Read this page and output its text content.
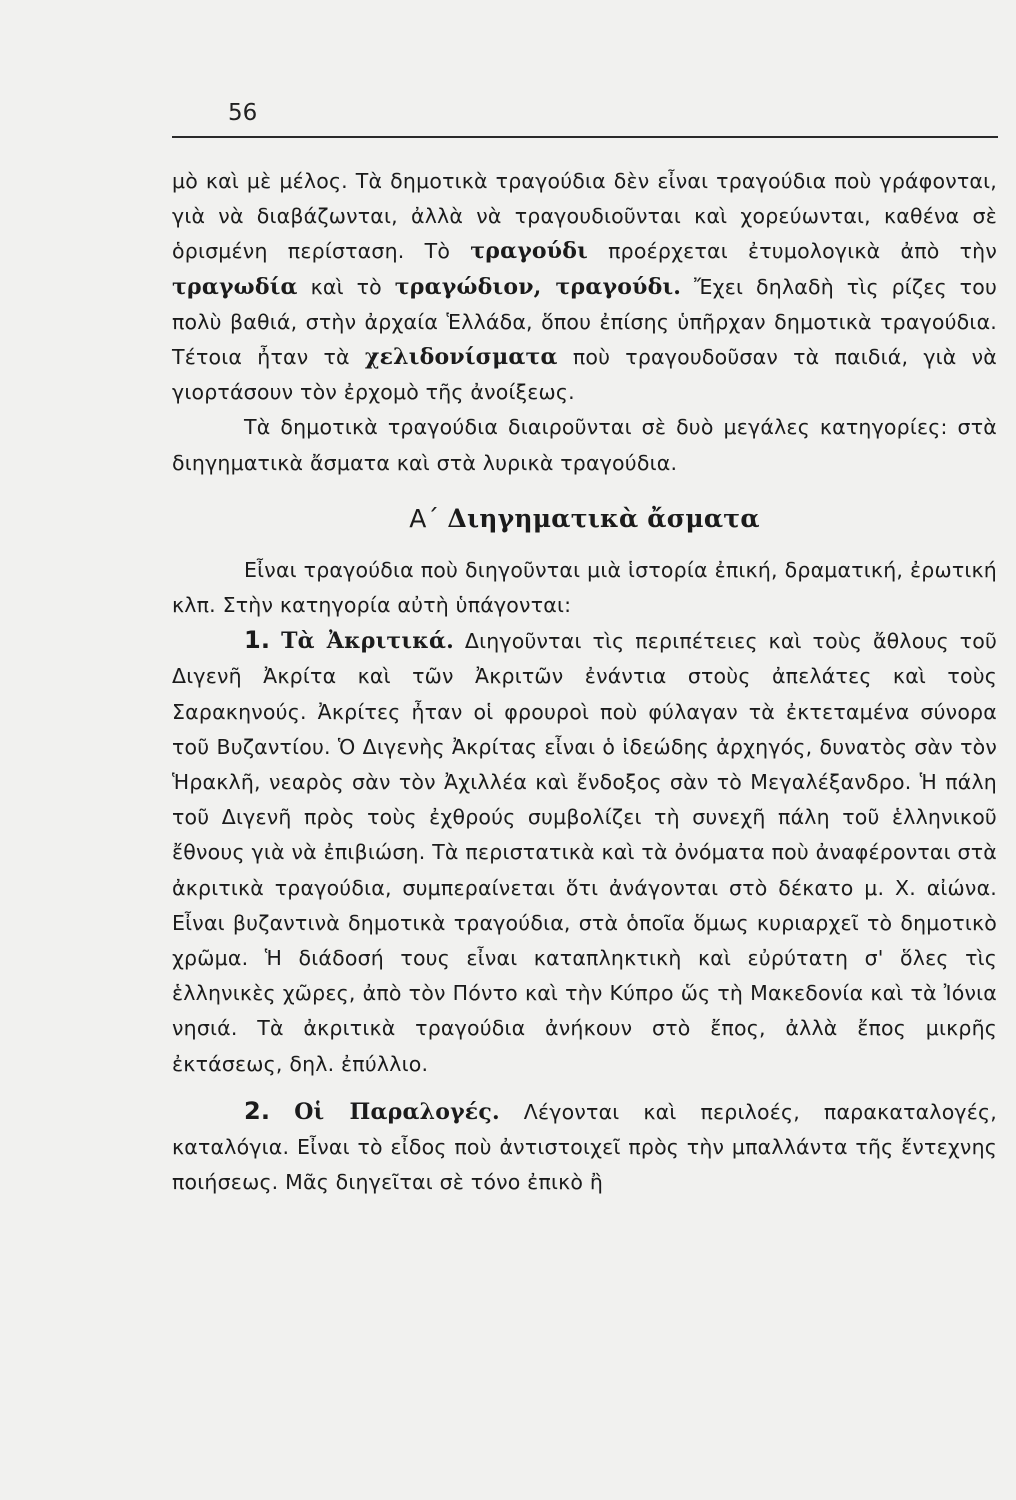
56

μὸ καὶ μὲ μέλος. Τὰ δημοτικὰ τραγούδια δὲν εἶναι τραγούδια ποὺ γράφονται, γιὰ νὰ διαβάζωνται, ἀλλὰ νὰ τραγουδιοῦνται καὶ χορεύωνται, καθένα σὲ ὁρισμένη περίσταση. Τὸ τραγούδι προέρχεται ἐτυμολογικὰ ἀπὸ τὴν τραγωδία καὶ τὸ τραγώδιον, τραγούδι. Ἔχει δηλαδὴ τὶς ρίζες του πολὺ βαθιά, στὴν ἀρχαία Ἑλλάδα, ὅπου ἐπίσης ὑπῆρχαν δημοτικὰ τραγούδια. Τέτοια ἦταν τὰ χελιδονίσματα ποὺ τραγουδοῦσαν τὰ παιδιά, γιὰ νὰ γιορτάσουν τὸν ἐρχομὸ τῆς ἀνοίξεως.

Τὰ δημοτικὰ τραγούδια διαιροῦνται σὲ δυὸ μεγάλες κατηγορίες: στὰ διηγηματικὰ ἄσματα καὶ στὰ λυρικὰ τραγούδια.

Α΄ Διηγηματικὰ ἄσματα

Εἶναι τραγούδια ποὺ διηγοῦνται μιὰ ἱστορία ἐπική, δραματική, ἐρωτική κλπ. Στὴν κατηγορία αὐτὴ ὑπάγονται:

1. Τὰ Ἀκριτικά. Διηγοῦνται τὶς περιπέτειες καὶ τοὺς ἄθλους τοῦ Διγενῆ Ἀκρίτα καὶ τῶν Ἀκριτῶν ἐνάντια στοὺς ἀπελάτες καὶ τοὺς Σαρακηνούς. Ἀκρίτες ἦταν οἱ φρουροὶ ποὺ φύλαγαν τὰ ἐκτεταμένα σύνορα τοῦ Βυζαντίου. Ὁ Διγενὴς Ἀκρίτας εἶναι ὁ ἰδεώδης ἀρχηγός, δυνατὸς σὰν τὸν Ἡρακλῆ, νεαρὸς σὰν τὸν Ἀχιλλέα καὶ ἔνδοξος σὰν τὸ Μεγαλέξανδρο. Ἡ πάλη τοῦ Διγενῆ πρὸς τοὺς ἐχθρούς συμβολίζει τὴ συνεχῆ πάλη τοῦ ἑλληνικοῦ ἔθνους γιὰ νὰ ἐπιβιώση. Τὰ περιστατικὰ καὶ τὰ ὀνόματα ποὺ ἀναφέρονται στὰ ἀκριτικὰ τραγούδια, συμπεραίνεται ὅτι ἀνάγονται στὸ δέκατο μ. Χ. αἰώνα. Εἶναι βυζαντινὰ δημοτικὰ τραγούδια, στὰ ὁποῖα ὅμως κυριαρχεῖ τὸ δημοτικὸ χρῶμα. Ἡ διάδοσή τους εἶναι καταπληκτικὴ καὶ εὐρύτατη σ' ὅλες τὶς ἑλληνικὲς χῶρες, ἀπὸ τὸν Πόντο καὶ τὴν Κύπρο ὥς τὴ Μακεδονία καὶ τὰ Ἰόνια νησιά. Τὰ ἀκριτικὰ τραγούδια ἀνήκουν στὸ ἔπος, ἀλλὰ ἔπος μικρῆς ἐκτάσεως, δηλ. ἐπύλλιο.

2. Οἱ Παραλογές. Λέγονται καὶ περιλοές, παρακαταλογές, καταλόγια. Εἶναι τὸ εἶδος ποὺ ἀντιστοιχεῖ πρὸς τὴν μπαλλάντα τῆς ἔντεχνης ποιήσεως. Μᾶς διηγεῖται σὲ τόνο ἐπικὸ ἢ
